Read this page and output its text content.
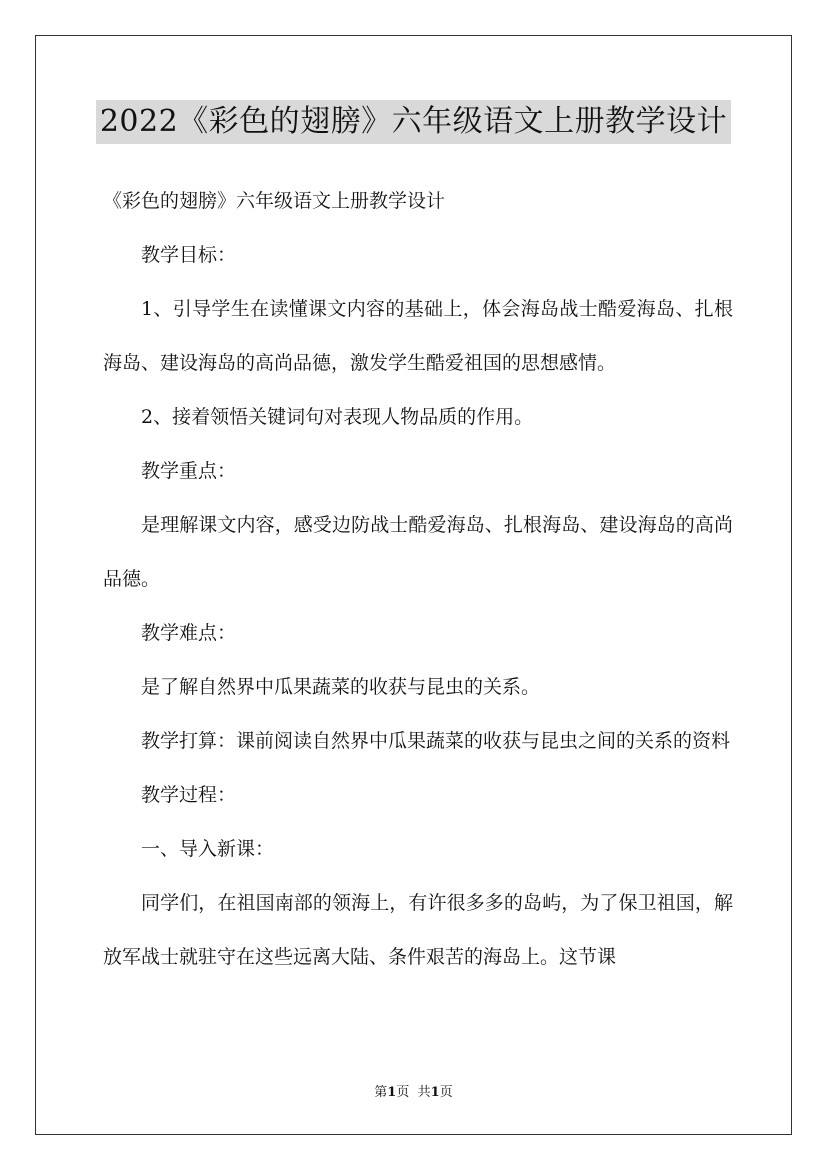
2022《彩色的翅膀》六年级语文上册教学设计

《彩色的翅膀》六年级语文上册教学设计

教学目标：

1、引导学生在读懂课文内容的基础上，体会海岛战士酷爱海岛、扎根海岛、建设海岛的高尚品德，激发学生酷爱祖国的思想感情。

2、接着领悟关键词句对表现人物品质的作用。

教学重点：

是理解课文内容，感受边防战士酷爱海岛、扎根海岛、建设海岛的高尚品德。

教学难点：

是了解自然界中瓜果蔬菜的收获与昆虫的关系。

教学打算：课前阅读自然界中瓜果蔬菜的收获与昆虫之间的关系的资料

教学过程：

一、导入新课：

同学们，在祖国南部的领海上，有许很多多的岛屿，为了保卫祖国，解放军战士就驻守在这些远离大陆、条件艰苦的海岛上。这节课

第1页 共1页
